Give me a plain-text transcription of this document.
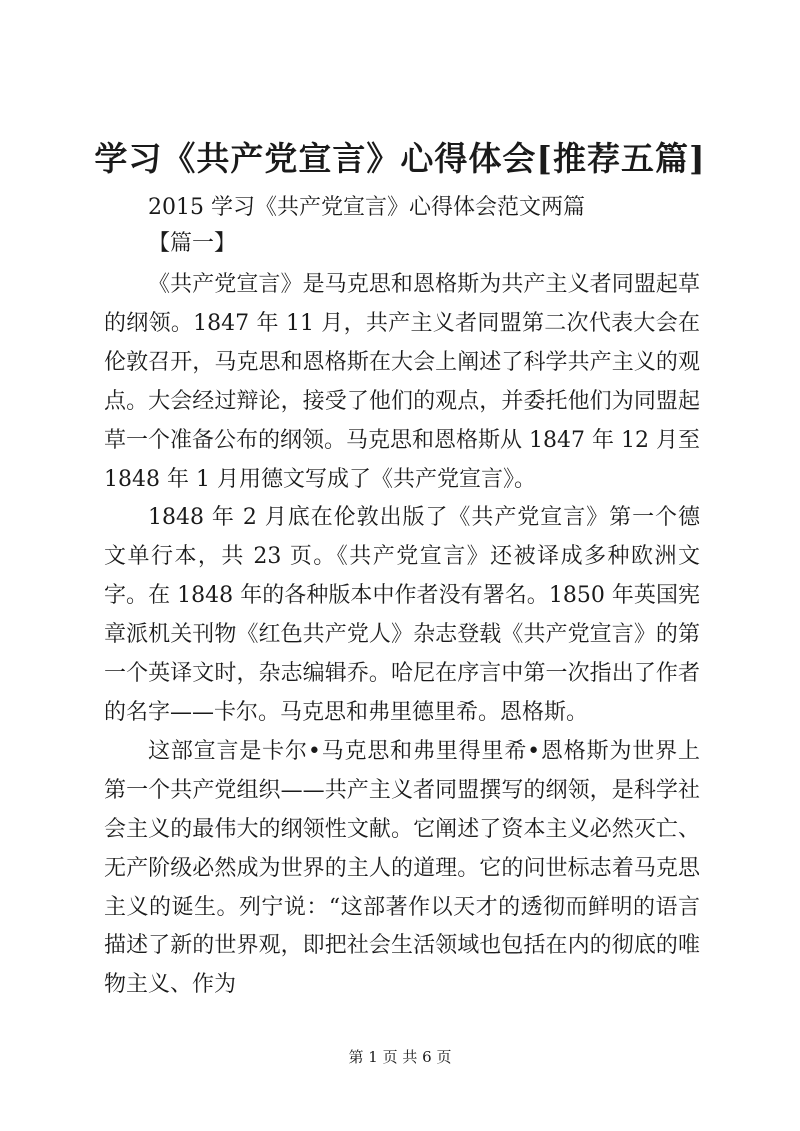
学习《共产党宣言》心得体会[推荐五篇]
2015 学习《共产党宣言》心得体会范文两篇
【篇一】

《共产党宣言》是马克思和恩格斯为共产主义者同盟起草的纲领。1847 年 11 月，共产主义者同盟第二次代表大会在伦敦召开，马克思和恩格斯在大会上阐述了科学共产主义的观点。大会经过辩论，接受了他们的观点，并委托他们为同盟起草一个准备公布的纲领。马克思和恩格斯从 1847 年 12 月至 1848 年 1 月用德文写成了《共产党宣言》。

1848 年 2 月底在伦敦出版了《共产党宣言》第一个德文单行本，共 23 页。《共产党宣言》还被译成多种欧洲文字。在 1848 年的各种版本中作者没有署名。1850 年英国宪章派机关刊物《红色共产党人》杂志登载《共产党宣言》的第一个英译文时，杂志编辑乔。哈尼在序言中第一次指出了作者的名字——卡尔。马克思和弗里德里希。恩格斯。

这部宣言是卡尔•马克思和弗里得里希•恩格斯为世界上第一个共产党组织——共产主义者同盟撰写的纲领，是科学社会主义的最伟大的纲领性文献。它阐述了资本主义必然灭亡、无产阶级必然成为世界的主人的道理。它的问世标志着马克思主义的诞生。列宁说：“这部著作以天才的透彻而鲜明的语言描述了新的世界观，即把社会生活领域也包括在内的彻底的唯物主义、作为

第 1 页 共 6 页
